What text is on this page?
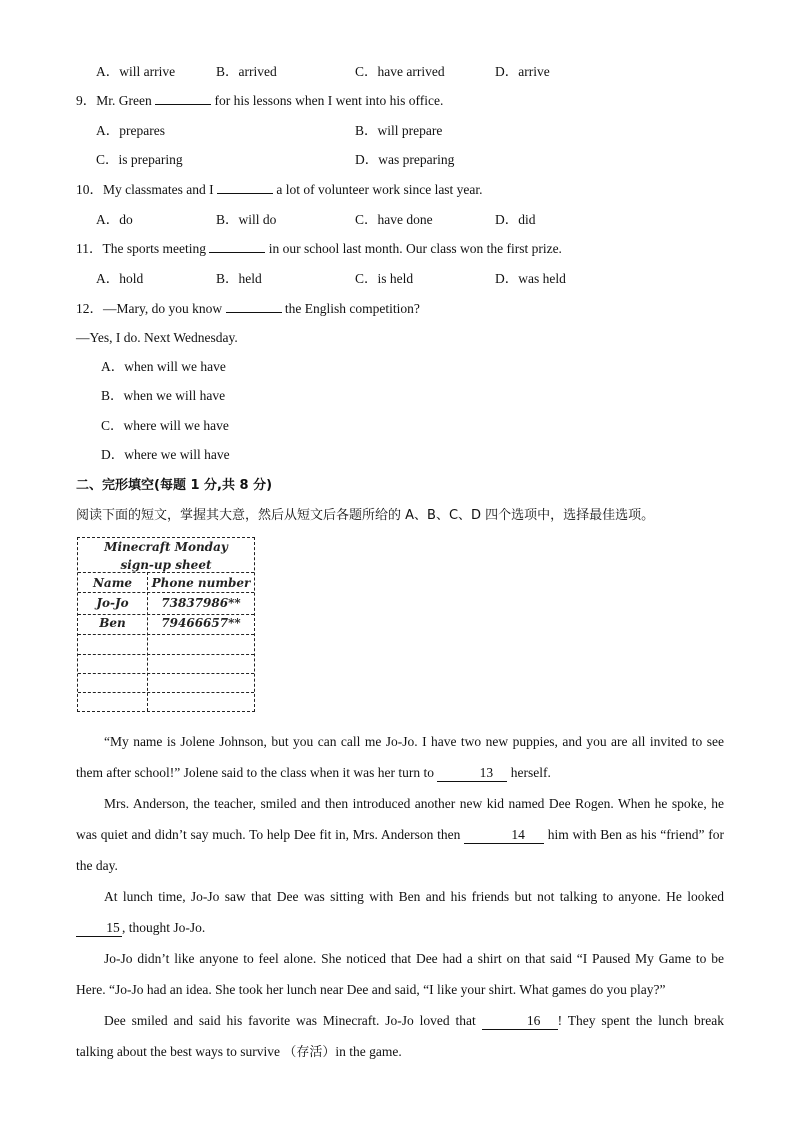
A．will arrive	B．arrived	C．have arrived	D．arrive
9．Mr. Green	for his lessons when I went into his office.
A．prepares	B．will prepare
C．is preparing	D．was preparing
10．My classmates and I	a lot of volunteer work since last year.
A．do	B．will do	C．have done	D．did
11．The sports meeting	in our school last month. Our class won the first prize.
A．hold	B．held	C．is held	D．was held
12．—Mary, do you know	the English competition?
—Yes, I do. Next Wednesday.
A．when will we have
B．when we will have
C．where will we have
D．where we will have
二、完形填空(每题 1 分,共 8 分)
阅读下面的短文，掌握其大意，然后从短文后各题所给的 A、B、C、D 四个选项中，选择最佳选项。
Minecraft Monday
sign-up sheet
Name	Phone number
Jo-Jo	73837986**
Ben	79466657**

“My name is Jolene Johnson, but you can call me Jo-Jo. I have two new puppies, and you are all invited to see them after school!” Jolene said to the class when it was her turn to	13 herself.

Mrs. Anderson, the teacher, smiled and then introduced another new kid named Dee Rogen. When he spoke, he was quiet and didn’t say much. To help Dee fit in, Mrs. Anderson then	14 him with Ben as his “friend” for the day.

At lunch time, Jo-Jo saw that Dee was sitting with Ben and his friends but not talking to anyone. He looked 15 , thought Jo-Jo.

Jo-Jo didn’t like anyone to feel alone. She noticed that Dee had a shirt on that said “I Paused My Game to be Here. “Jo-Jo had an idea. She took her lunch near Dee and said, “I like your shirt. What games do you play?”

Dee smiled and said his favorite was Minecraft. Jo-Jo loved that	16 ! They spent the lunch break talking about the best ways to survive （存活）in the game.
